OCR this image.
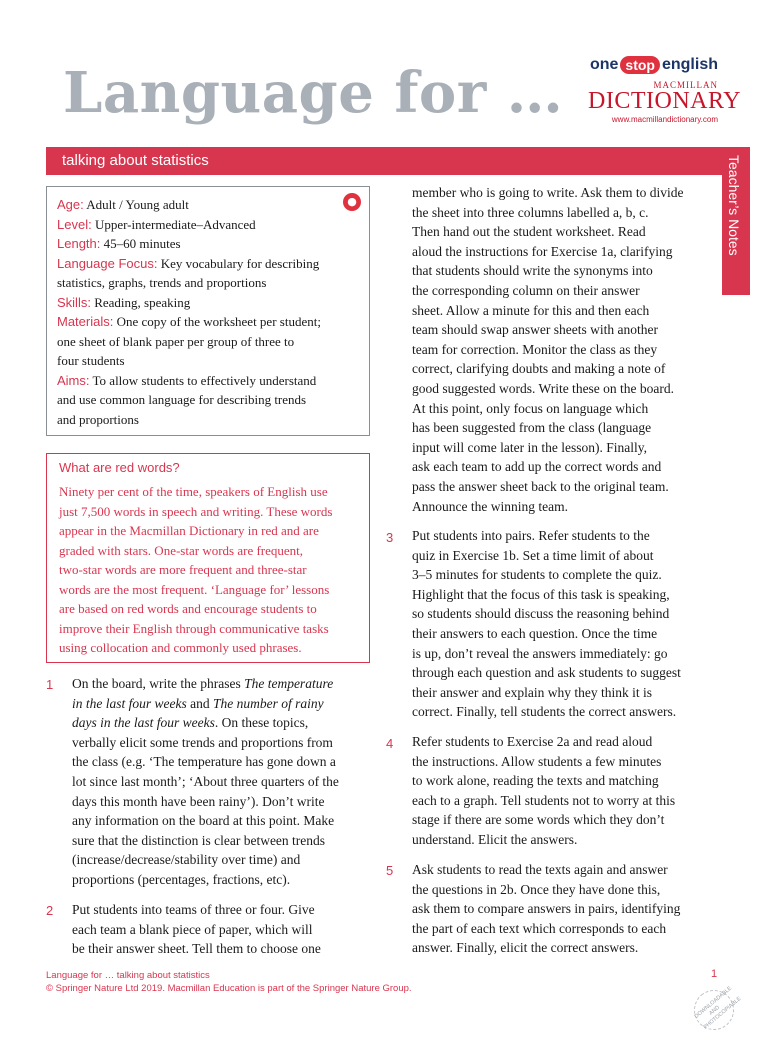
Language for … one stop english
MACMILLAN
DICTIONARY
www.macmillandictionary.com
talking about statistics	Teacher’s Notes
●
Age: Adult / Young adult
Level: Upper-intermediate–Advanced
Length: 45–60 minutes
Language Focus: Key vocabulary for describing
statistics, graphs, trends and proportions
Skills: Reading, speaking
Materials: One copy of the worksheet per student;
one sheet of blank paper per group of three to
four students
Aims: To allow students to effectively understand
and use common language for describing trends
and proportions
What are red words?
Ninety per cent of the time, speakers of English use
just 7,500 words in speech and writing. These words
appear in the Macmillan Dictionary in red and are
graded with stars. One-star words are frequent,
two-star words are more frequent and three-star
words are the most frequent. ‘Language for’ lessons
are based on red words and encourage students to
improve their English through communicative tasks
using collocation and commonly used phrases.
1 On the board, write the phrases The temperature
in the last four weeks and The number of rainy
days in the last four weeks. On these topics,
verbally elicit some trends and proportions from
the class (e.g. ‘The temperature has gone down a
lot since last month’; ‘About three quarters of the
days this month have been rainy’). Don’t write
any information on the board at this point. Make
sure that the distinction is clear between trends
(increase/decrease/stability over time) and
proportions (percentages, fractions, etc).
2 Put students into teams of three or four. Give
each team a blank piece of paper, which will
be their answer sheet. Tell them to choose one
member who is going to write. Ask them to divide
the sheet into three columns labelled a, b, c.
Then hand out the student worksheet. Read
aloud the instructions for Exercise 1a, clarifying
that students should write the synonyms into
the corresponding column on their answer
sheet. Allow a minute for this and then each
team should swap answer sheets with another
team for correction. Monitor the class as they
correct, clarifying doubts and making a note of
good suggested words. Write these on the board.
At this point, only focus on language which
has been suggested from the class (language
input will come later in the lesson). Finally,
ask each team to add up the correct words and
pass the answer sheet back to the original team.
Announce the winning team.
3 Put students into pairs. Refer students to the
quiz in Exercise 1b. Set a time limit of about
3–5 minutes for students to complete the quiz.
Highlight that the focus of this task is speaking,
so students should discuss the reasoning behind
their answers to each question. Once the time
is up, don’t reveal the answers immediately: go
through each question and ask students to suggest
their answer and explain why they think it is
correct. Finally, tell students the correct answers.
4 Refer students to Exercise 2a and read aloud
the instructions. Allow students a few minutes
to work alone, reading the texts and matching
each to a graph. Tell students not to worry at this
stage if there are some words which they don’t
understand. Elicit the answers.
5 Ask students to read the texts again and answer
the questions in 2b. Once they have done this,
ask them to compare answers in pairs, identifying
the part of each text which corresponds to each
answer. Finally, elicit the correct answers.
Language for … talking about statistics
© Springer Nature Ltd 2019. Macmillan Education is part of the Springer Nature Group.
1
DOWNLOADABLE AND PHOTOCOPIABLE
